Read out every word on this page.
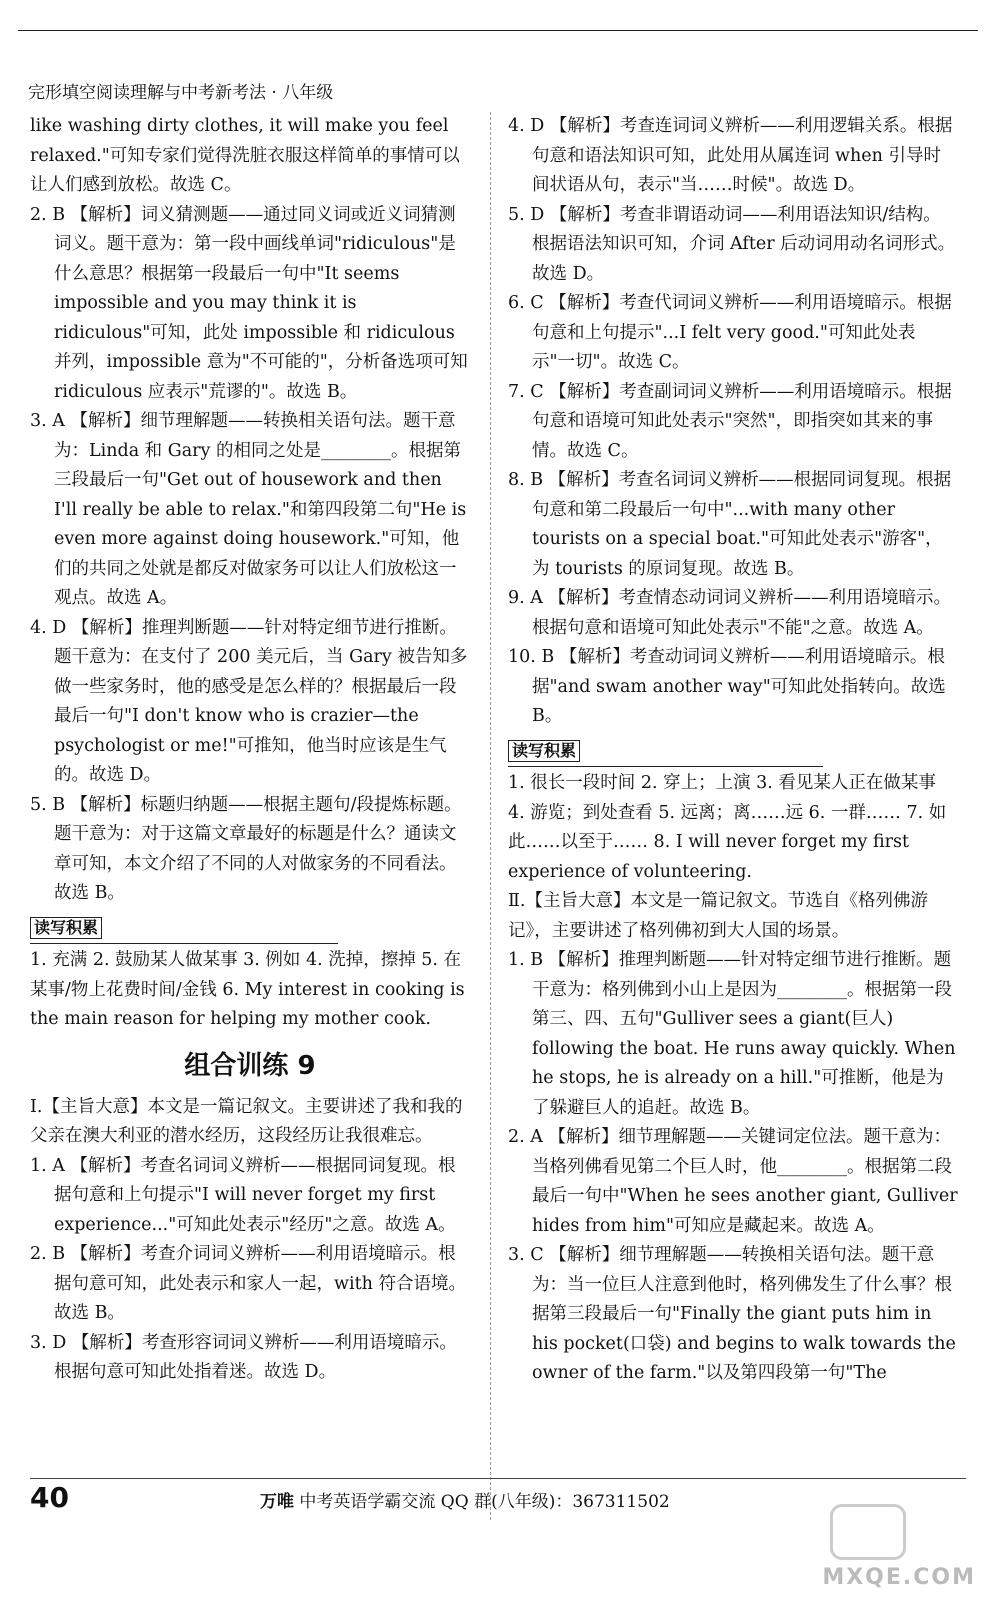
完形填空阅读理解与中考新考法 · 八年级

like washing dirty clothes, it will make you feel relaxed."可知专家们觉得洗脏衣服这样简单的事情可以让人们感到放松。故选 C。

2. B 【解析】词义猜测题——通过同义词或近义词猜测词义。题干意为：第一段中画线单词"ridiculous"是什么意思？根据第一段最后一句中"It seems impossible and you may think it is ridiculous"可知，此处 impossible 和 ridiculous 并列，impossible 意为"不可能的"，分析备选项可知 ridiculous 应表示"荒谬的"。故选 B。

3. A 【解析】细节理解题——转换相关语句法。题干意为：Linda 和 Gary 的相同之处是________。根据第三段最后一句"Get out of housework and then I'll really be able to relax."和第四段第二句"He is even more against doing housework."可知，他们的共同之处就是都反对做家务可以让人们放松这一观点。故选 A。

4. D 【解析】推理判断题——针对特定细节进行推断。题干意为：在支付了 200 美元后，当 Gary 被告知多做一些家务时，他的感受是怎么样的？根据最后一段最后一句"I don't know who is crazier—the psychologist or me!"可推知，他当时应该是生气的。故选 D。

5. B 【解析】标题归纳题——根据主题句/段提炼标题。题干意为：对于这篇文章最好的标题是什么？通读文章可知，本文介绍了不同的人对做家务的不同看法。故选 B。

读写积累

1. 充满 2. 鼓励某人做某事 3. 例如 4. 洗掉，擦掉 5. 在某事/物上花费时间/金钱 6. My interest in cooking is the main reason for helping my mother cook.

组合训练 9

Ⅰ.【主旨大意】本文是一篇记叙文。主要讲述了我和我的父亲在澳大利亚的潜水经历，这段经历让我很难忘。

1. A 【解析】考查名词词义辨析——根据同词复现。根据句意和上句提示"I will never forget my first experience..."可知此处表示"经历"之意。故选 A。

2. B 【解析】考查介词词义辨析——利用语境暗示。根据句意可知，此处表示和家人一起，with 符合语境。故选 B。

3. D 【解析】考查形容词词义辨析——利用语境暗示。根据句意可知此处指着迷。故选 D。

4. D 【解析】考查连词词义辨析——利用逻辑关系。根据句意和语法知识可知，此处用从属连词 when 引导时间状语从句，表示"当……时候"。故选 D。

5. D 【解析】考查非谓语动词——利用语法知识/结构。根据语法知识可知，介词 After 后动词用动名词形式。故选 D。

6. C 【解析】考查代词词义辨析——利用语境暗示。根据句意和上句提示"...I felt very good."可知此处表示"一切"。故选 C。

7. C 【解析】考查副词词义辨析——利用语境暗示。根据句意和语境可知此处表示"突然"，即指突如其来的事情。故选 C。

8. B 【解析】考查名词词义辨析——根据同词复现。根据句意和第二段最后一句中"...with many other tourists on a special boat."可知此处表示"游客"，为 tourists 的原词复现。故选 B。

9. A 【解析】考查情态动词词义辨析——利用语境暗示。根据句意和语境可知此处表示"不能"之意。故选 A。

10. B 【解析】考查动词词义辨析——利用语境暗示。根据"and swam another way"可知此处指转向。故选 B。

读写积累

1. 很长一段时间 2. 穿上；上演 3. 看见某人正在做某事 4. 游览；到处查看 5. 远离；离……远 6. 一群…… 7. 如此……以至于…… 8. I will never forget my first experience of volunteering.

Ⅱ.【主旨大意】本文是一篇记叙文。节选自《格列佛游记》，主要讲述了格列佛初到大人国的场景。

1. B 【解析】推理判断题——针对特定细节进行推断。题干意为：格列佛到小山上是因为________。根据第一段第三、四、五句"Gulliver sees a giant(巨人) following the boat. He runs away quickly. When he stops, he is already on a hill."可推断，他是为了躲避巨人的追赶。故选 B。

2. A 【解析】细节理解题——关键词定位法。题干意为：当格列佛看见第二个巨人时，他________。根据第二段最后一句中"When he sees another giant, Gulliver hides from him"可知应是藏起来。故选 A。

3. C 【解析】细节理解题——转换相关语句法。题干意为：当一位巨人注意到他时，格列佛发生了什么事？根据第三段最后一句"Finally the giant puts him in his pocket(口袋) and begins to walk towards the owner of the farm."以及第四段第一句"The

40	万唯 中考英语学霸交流 QQ 群(八年级)：367311502
MXQE.COM
